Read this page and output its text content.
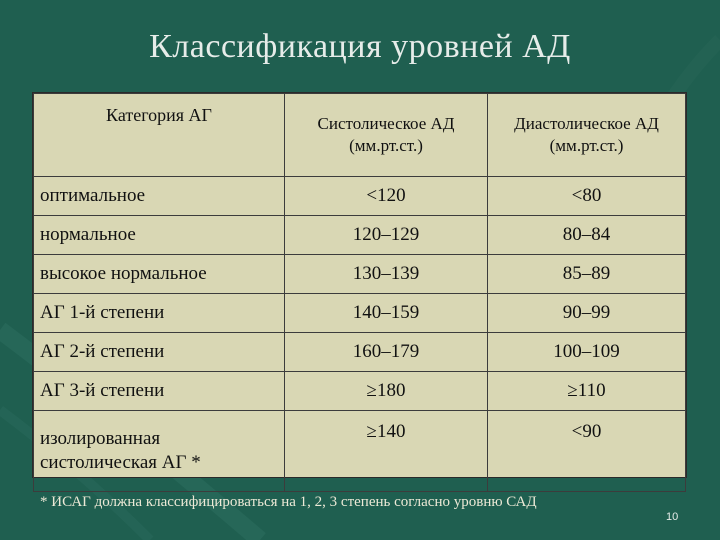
Классификация уровней АД
Категория АГ	Систолическое АД (мм.рт.ст.)	Диастолическое АД (мм.рт.ст.)
оптимальное	<120	<80
нормальное	120–129	80–84
высокое нормальное	130–139	85–89
АГ 1-й степени	140–159	90–99
АГ 2-й степени	160–179	100–109
АГ 3-й степени	≥180	≥110
изолированная систолическая АГ *	≥140	<90
* ИСАГ должна классифицироваться на 1, 2, 3 степень согласно уровню САД
10
